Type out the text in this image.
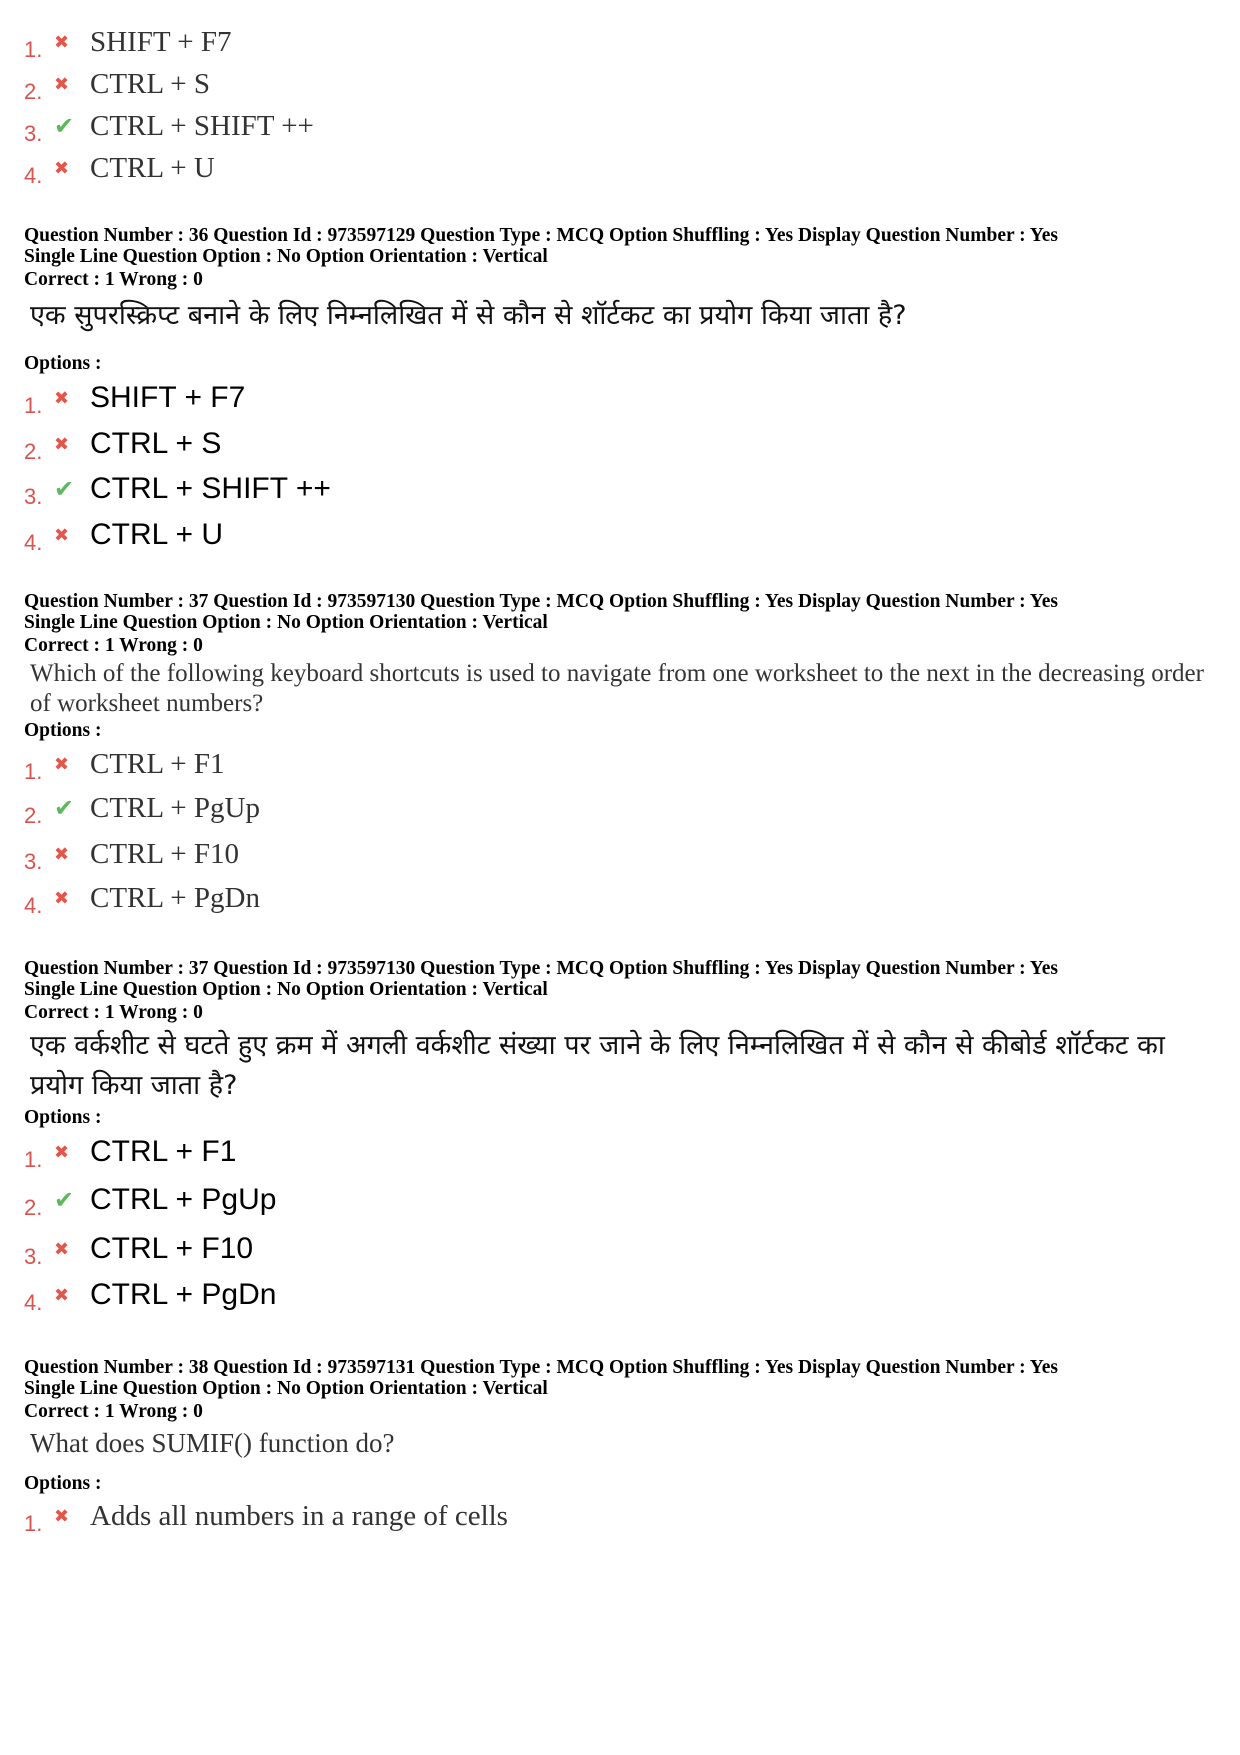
1. ✖ SHIFT + F7
2. ✖ CTRL + S
3. ✔ CTRL + SHIFT ++
4. ✖ CTRL + U
Question Number : 36 Question Id : 973597129 Question Type : MCQ Option Shuffling : Yes Display Question Number : Yes
Single Line Question Option : No Option Orientation : Vertical
Correct : 1 Wrong : 0
एक सुपरस्क्रिप्ट बनाने के लिए निम्नलिखित में से कौन से शॉर्टकट का प्रयोग किया जाता है?
Options :
1. ✖ SHIFT + F7
2. ✖ CTRL + S
3. ✔ CTRL + SHIFT ++
4. ✖ CTRL + U
Question Number : 37 Question Id : 973597130 Question Type : MCQ Option Shuffling : Yes Display Question Number : Yes
Single Line Question Option : No Option Orientation : Vertical
Correct : 1 Wrong : 0
Which of the following keyboard shortcuts is used to navigate from one worksheet to the next in the decreasing order of worksheet numbers?
Options :
1. ✖ CTRL + F1
2. ✔ CTRL + PgUp
3. ✖ CTRL + F10
4. ✖ CTRL + PgDn
Question Number : 37 Question Id : 973597130 Question Type : MCQ Option Shuffling : Yes Display Question Number : Yes
Single Line Question Option : No Option Orientation : Vertical
Correct : 1 Wrong : 0
एक वर्कशीट से घटते हुए क्रम में अगली वर्कशीट संख्या पर जाने के लिए निम्नलिखित में से कौन से कीबोर्ड शॉर्टकट का प्रयोग किया जाता है?
Options :
1. ✖ CTRL + F1
2. ✔ CTRL + PgUp
3. ✖ CTRL + F10
4. ✖ CTRL + PgDn
Question Number : 38 Question Id : 973597131 Question Type : MCQ Option Shuffling : Yes Display Question Number : Yes
Single Line Question Option : No Option Orientation : Vertical
Correct : 1 Wrong : 0
What does SUMIF() function do?
Options :
1. ✖ Adds all numbers in a range of cells
